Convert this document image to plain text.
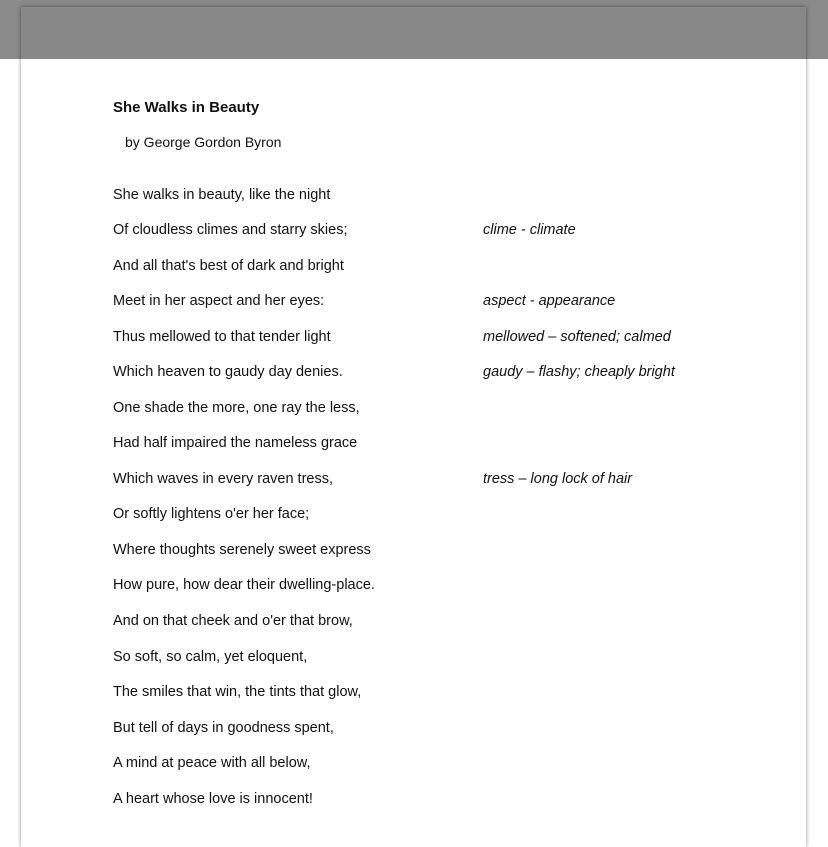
She Walks in Beauty
by George Gordon Byron
She walks in beauty, like the night
Of cloudless climes and starry skies;
And all that's best of dark and bright
Meet in her aspect and her eyes:
Thus mellowed to that tender light
Which heaven to gaudy day denies.
One shade the more, one ray the less,
Had half impaired the nameless grace
Which waves in every raven tress,
Or softly lightens o'er her face;
Where thoughts serenely sweet express
How pure, how dear their dwelling-place.
And on that cheek and o'er that brow,
So soft, so calm, yet eloquent,
The smiles that win, the tints that glow,
But tell of days in goodness spent,
A mind at peace with all below,
A heart whose love is innocent!
clime - climate
aspect - appearance
mellowed – softened; calmed
gaudy – flashy; cheaply bright
tress – long lock of hair
